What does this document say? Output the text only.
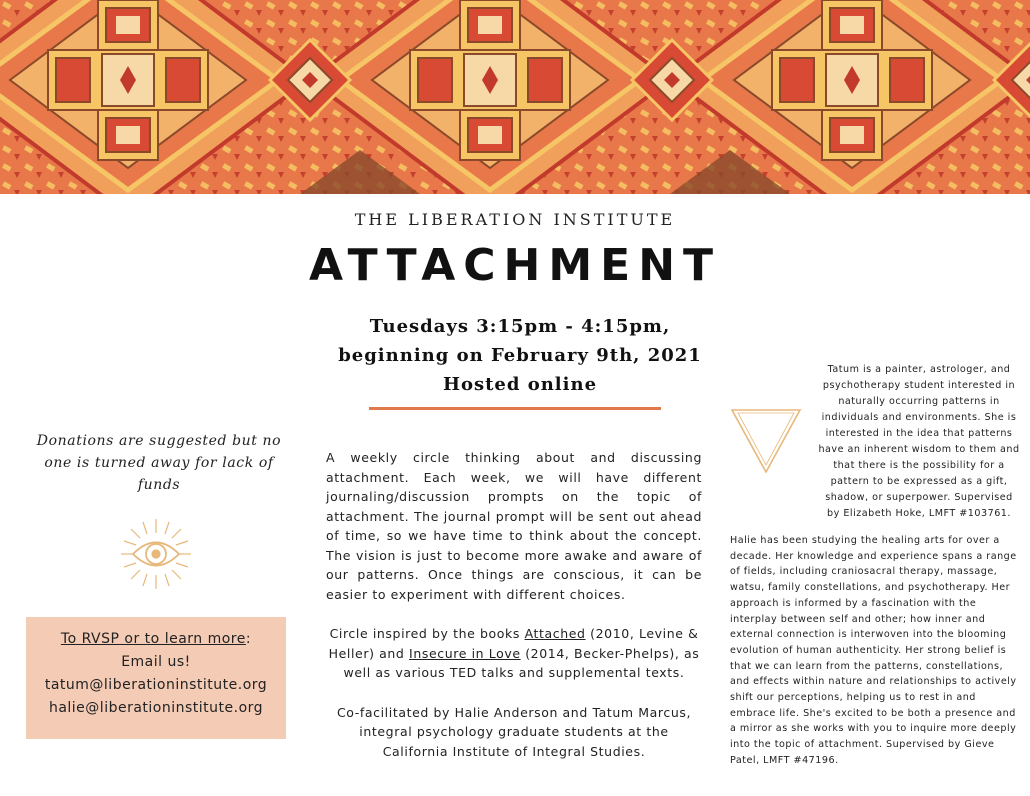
THE LIBERATION INSTITUTE
ATTACHMENT
Tuesdays 3:15pm - 4:15pm,
beginning on February 9th, 2021
Hosted online
Donations are suggested but no one is turned away for lack of funds
To RVSP or to learn more:
Email us!
tatum@liberationinstitute.org
halie@liberationinstitute.org

A weekly circle thinking about and discussing attachment. Each week, we will have different journaling/discussion prompts on the topic of attachment. The journal prompt will be sent out ahead of time, so we have time to think about the concept. The vision is just to become more awake and aware of our patterns. Once things are conscious, it can be easier to experiment with different choices.

Circle inspired by the books Attached (2010, Levine & Heller) and Insecure in Love (2014, Becker-Phelps), as well as various TED talks and supplemental texts.

Co-facilitated by Halie Anderson and Tatum Marcus, integral psychology graduate students at the California Institute of Integral Studies.

Tatum is a painter, astrologer, and psychotherapy student interested in naturally occurring patterns in individuals and environments. She is interested in the idea that patterns have an inherent wisdom to them and that there is the possibility for a pattern to be expressed as a gift, shadow, or superpower. Supervised by Elizabeth Hoke, LMFT #103761.
Halie has been studying the healing arts for over a decade. Her knowledge and experience spans a range of fields, including craniosacral therapy, massage, watsu, family constellations, and psychotherapy. Her approach is informed by a fascination with the interplay between self and other; how inner and external connection is interwoven into the blooming evolution of human authenticity. Her strong belief is that we can learn from the patterns, constellations, and effects within nature and relationships to actively shift our perceptions, helping us to rest in and embrace life. She's excited to be both a presence and a mirror as she works with you to inquire more deeply into the topic of attachment. Supervised by Gieve Patel, LMFT #47196.
